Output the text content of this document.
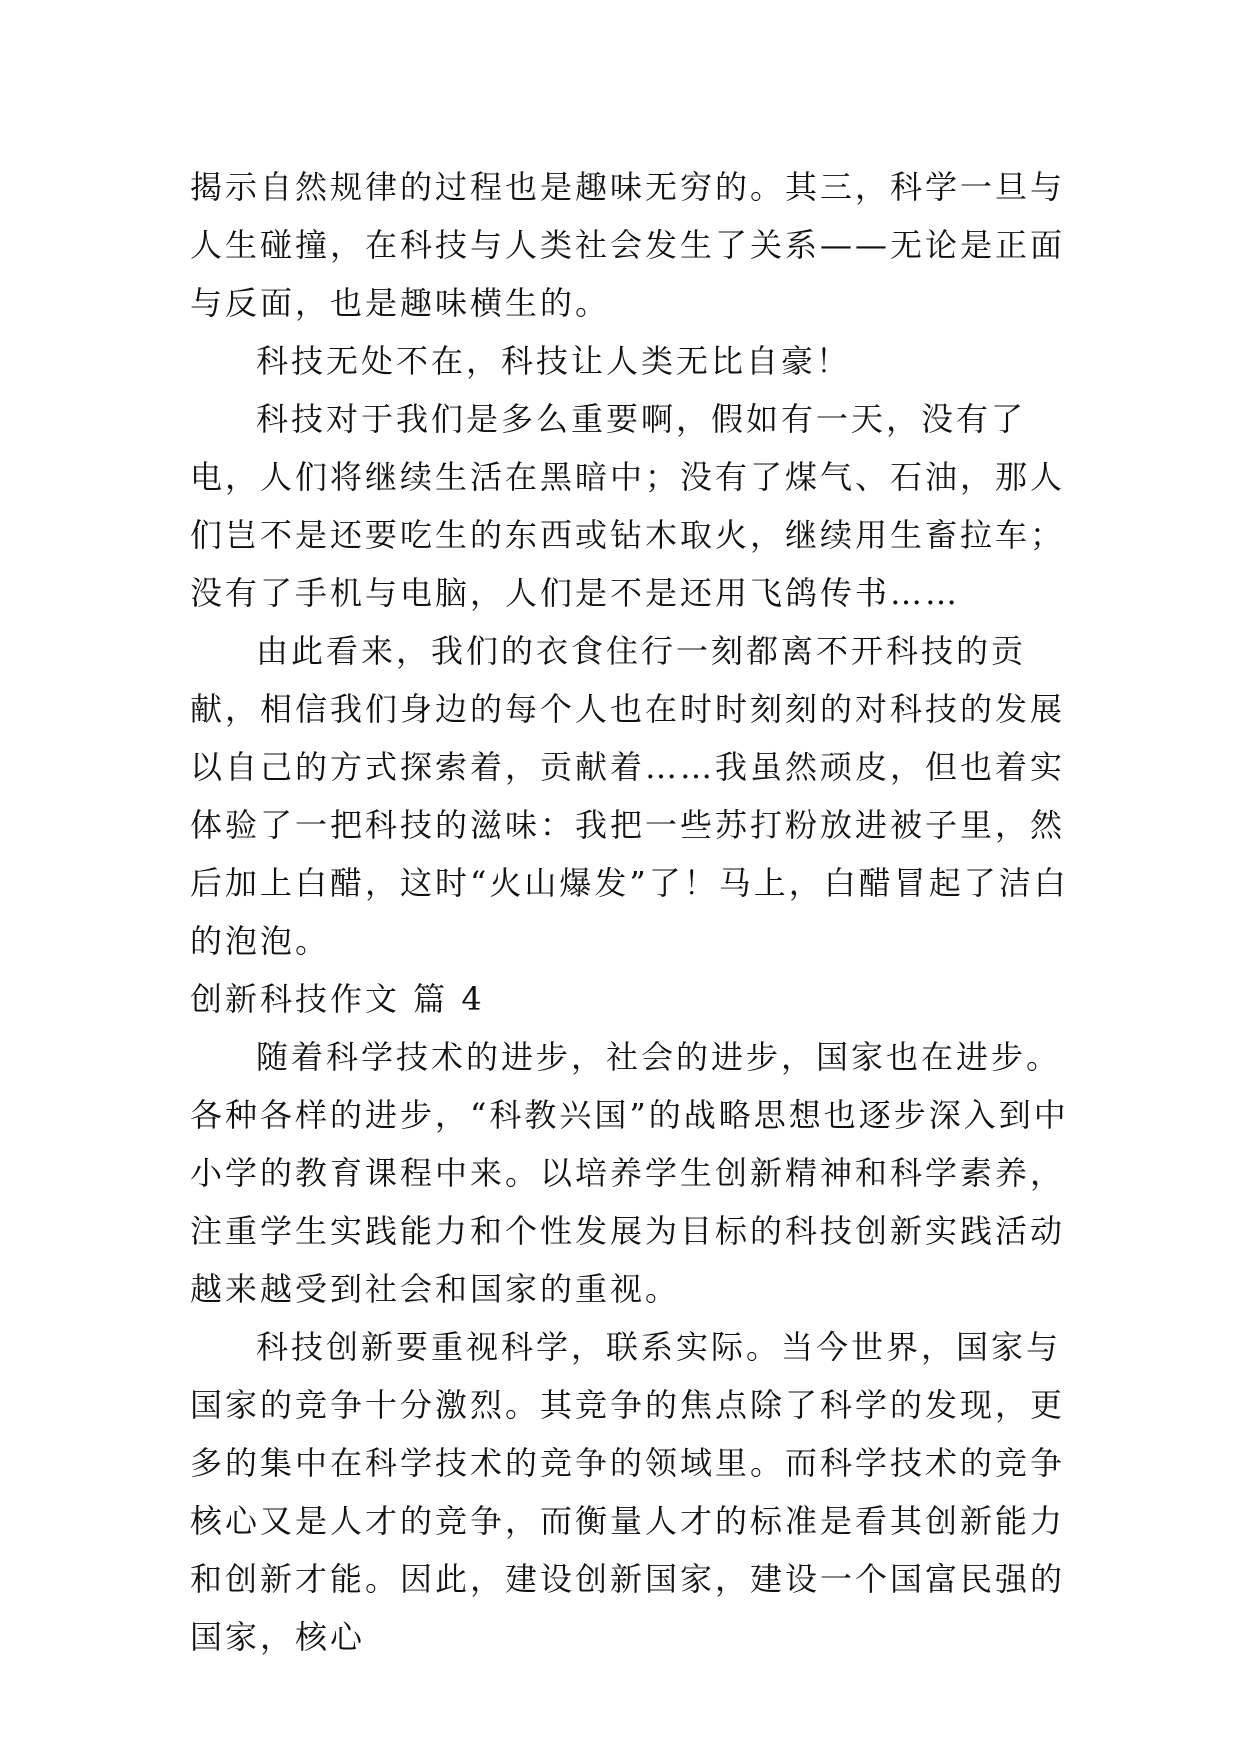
揭示自然规律的过程也是趣味无穷的。其三，科学一旦与人生碰撞，在科技与人类社会发生了关系——无论是正面与反面，也是趣味横生的。

科技无处不在，科技让人类无比自豪！

科技对于我们是多么重要啊，假如有一天，没有了电，人们将继续生活在黑暗中；没有了煤气、石油，那人们岂不是还要吃生的东西或钻木取火，继续用生畜拉车；没有了手机与电脑，人们是不是还用飞鸽传书……

由此看来，我们的衣食住行一刻都离不开科技的贡献，相信我们身边的每个人也在时时刻刻的对科技的发展以自己的方式探索着，贡献着……我虽然顽皮，但也着实体验了一把科技的滋味：我把一些苏打粉放进被子里，然后加上白醋，这时“火山爆发”了！马上，白醋冒起了洁白的泡泡。

创新科技作文 篇 4

随着科学技术的进步，社会的进步，国家也在进步。各种各样的进步，“科教兴国”的战略思想也逐步深入到中小学的教育课程中来。以培养学生创新精神和科学素养，注重学生实践能力和个性发展为目标的科技创新实践活动越来越受到社会和国家的重视。

科技创新要重视科学，联系实际。当今世界，国家与国家的竞争十分激烈。其竞争的焦点除了科学的发现，更多的集中在科学技术的竞争的领域里。而科学技术的竞争核心又是人才的竞争，而衡量人才的标准是看其创新能力和创新才能。因此，建设创新国家，建设一个国富民强的国家，核心
